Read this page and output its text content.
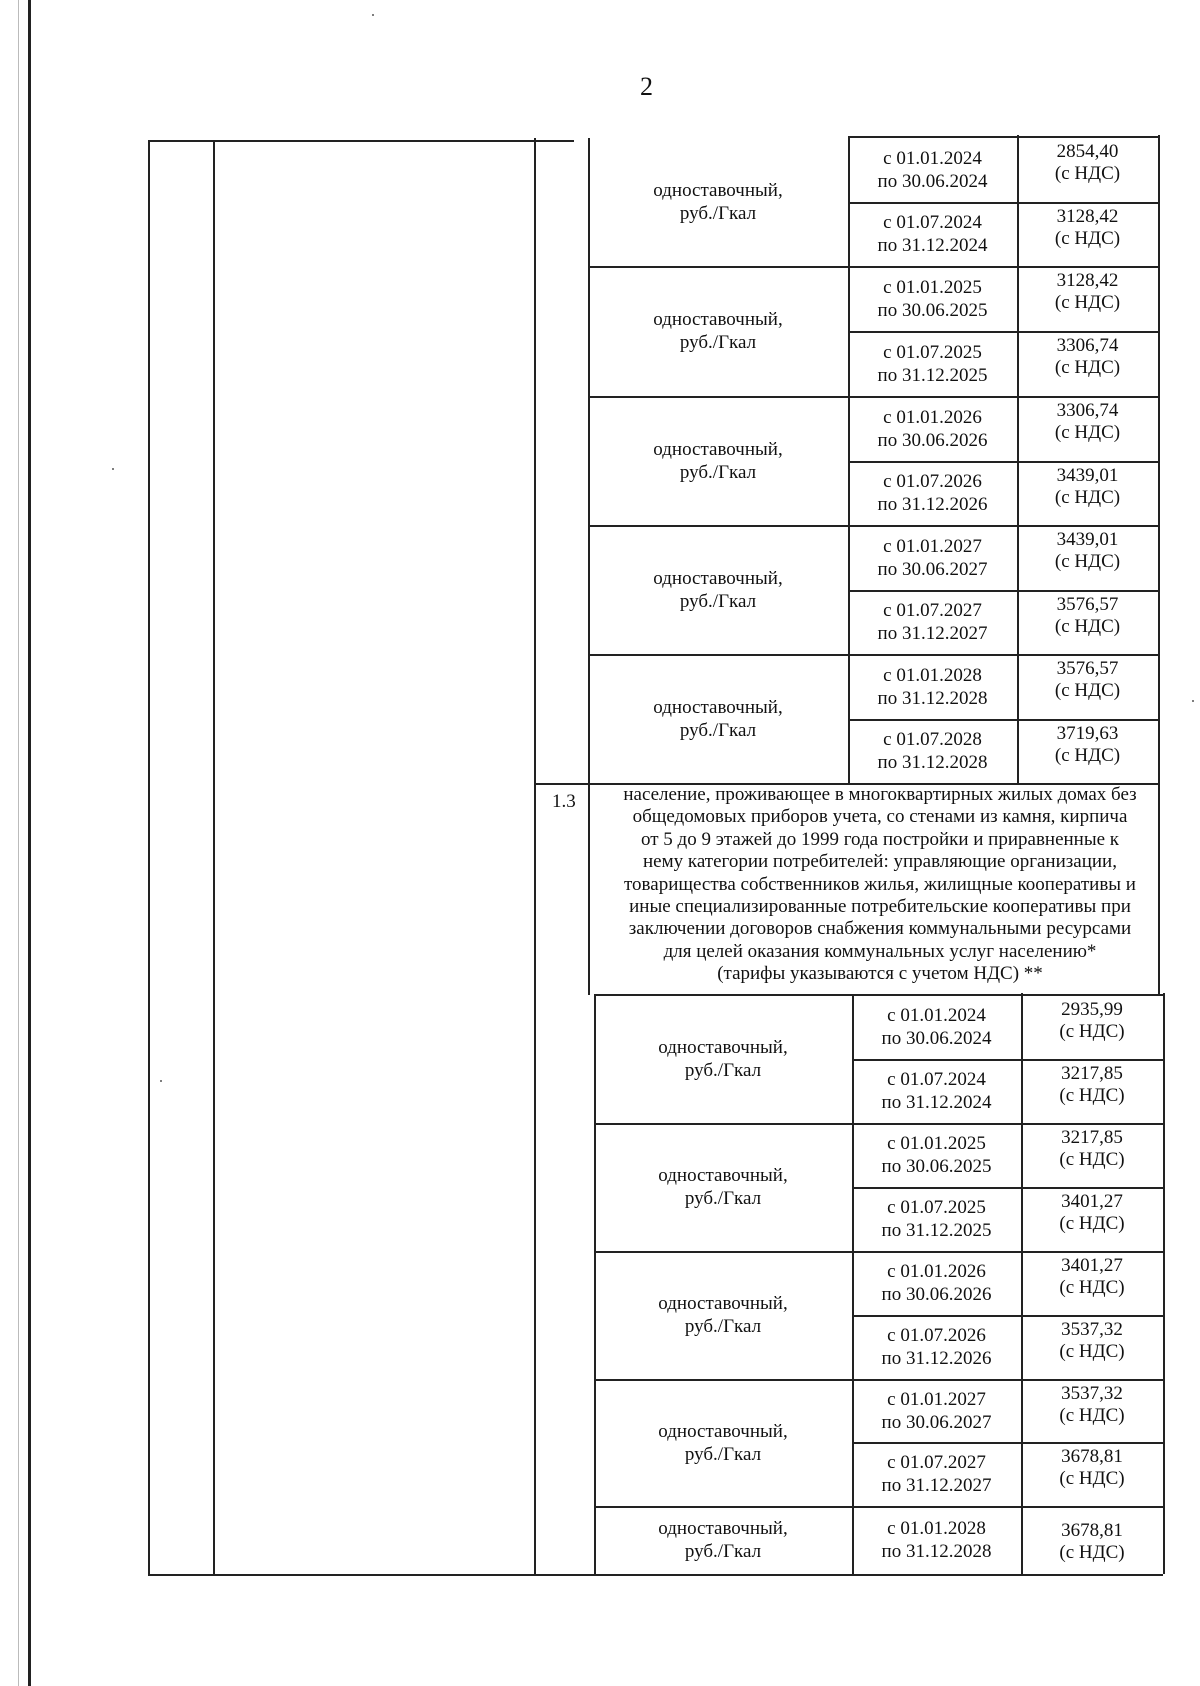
2
1.3	население, проживающее в многоквартирных жилых домах без
общедомовых приборов учета, со стенами из камня, кирпича
от 5 до 9 этажей до 1999 года постройки и приравненные к
нему категории потребителей: управляющие организации,
товарищества собственников жилья, жилищные кооперативы и
иные специализированные потребительские кооперативы при
заключении договоров снабжения коммунальными ресурсами
для целей оказания коммунальных услуг населению*
(тарифы указываются с учетом НДС) **
одноставочный,
руб./Гкал
с 01.01.2024
по 30.06.2024
2854,40
(с НДС)
с 01.07.2024
по 31.12.2024
3128,42
(с НДС)
одноставочный,
руб./Гкал
с 01.01.2025
по 30.06.2025
3128,42
(с НДС)
с 01.07.2025
по 31.12.2025
3306,74
(с НДС)
одноставочный,
руб./Гкал
с 01.01.2026
по 30.06.2026
3306,74
(с НДС)
с 01.07.2026
по 31.12.2026
3439,01
(с НДС)
одноставочный,
руб./Гкал
с 01.01.2027
по 30.06.2027
3439,01
(с НДС)
с 01.07.2027
по 31.12.2027
3576,57
(с НДС)
одноставочный,
руб./Гкал
с 01.01.2028
по 31.12.2028
3576,57
(с НДС)
с 01.07.2028
по 31.12.2028
3719,63
(с НДС)
одноставочный,
руб./Гкал
с 01.01.2024
по 30.06.2024
2935,99
(с НДС)
с 01.07.2024
по 31.12.2024
3217,85
(с НДС)
одноставочный,
руб./Гкал
с 01.01.2025
по 30.06.2025
3217,85
(с НДС)
с 01.07.2025
по 31.12.2025
3401,27
(с НДС)
одноставочный,
руб./Гкал
с 01.01.2026
по 30.06.2026
3401,27
(с НДС)
с 01.07.2026
по 31.12.2026
3537,32
(с НДС)
одноставочный,
руб./Гкал
с 01.01.2027
по 30.06.2027
3537,32
(с НДС)
с 01.07.2027
по 31.12.2027
3678,81
(с НДС)
одноставочный,
руб./Гкал
с 01.01.2028
по 31.12.2028
3678,81
(с НДС)
